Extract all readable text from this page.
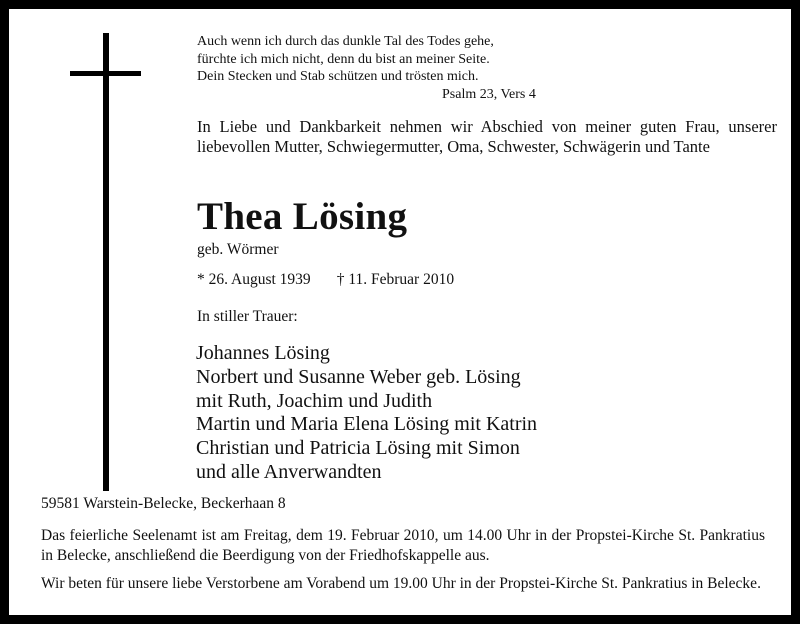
Auch wenn ich durch das dunkle Tal des Todes gehe,
fürchte ich mich nicht, denn du bist an meiner Seite.
Dein Stecken und Stab schützen und trösten mich.
Psalm 23, Vers 4
In Liebe und Dankbarkeit nehmen wir Abschied von meiner guten Frau, unserer liebevollen Mutter, Schwiegermutter, Oma, Schwester, Schwägerin und Tante
Thea Lösing
geb. Wörmer
* 26. August 1939 † 11. Februar 2010
In stiller Trauer:
Johannes Lösing
Norbert und Susanne Weber geb. Lösing
mit Ruth, Joachim und Judith
Martin und Maria Elena Lösing mit Katrin
Christian und Patricia Lösing mit Simon
und alle Anverwandten
59581 Warstein-Belecke, Beckerhaan 8
Das feierliche Seelenamt ist am Freitag, dem 19. Februar 2010, um 14.00 Uhr in der Propstei-Kirche St. Pankratius in Belecke, anschließend die Beerdigung von der Friedhofskappelle aus.
Wir beten für unsere liebe Verstorbene am Vorabend um 19.00 Uhr in der Propstei-Kirche St. Pankratius in Belecke.
